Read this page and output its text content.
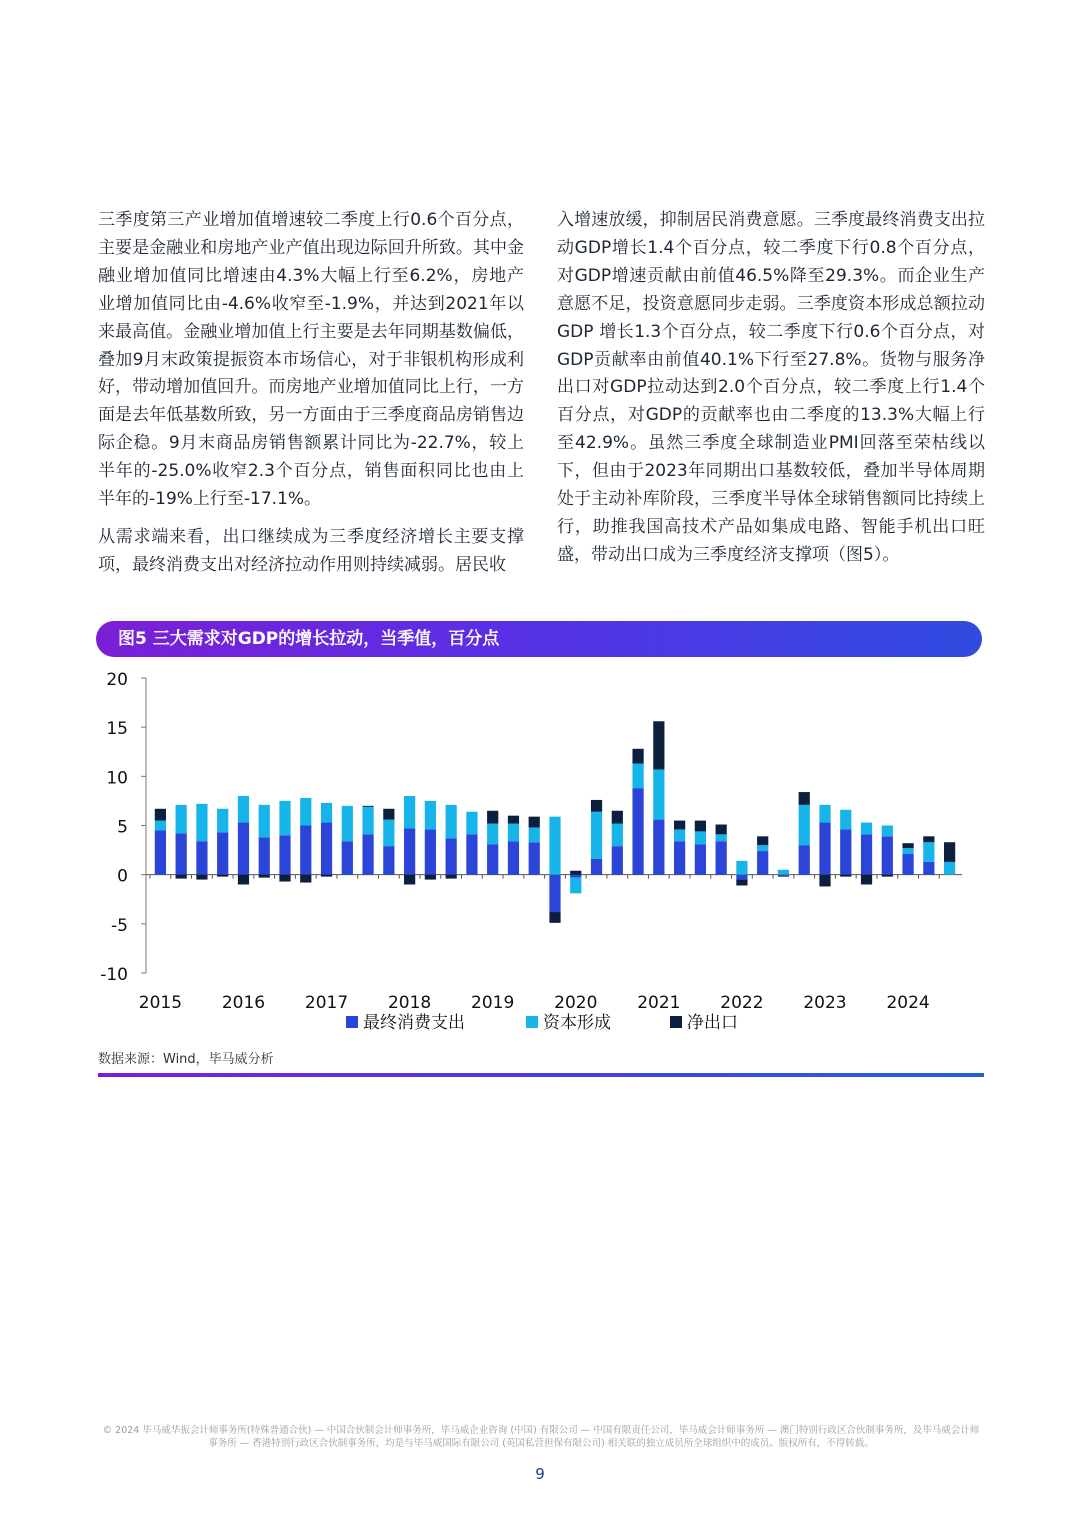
三季度第三产业增加值增速较二季度上行0.6个百分点，主要是金融业和房地产业产值出现边际回升所致。其中金融业增加值同比增速由4.3%大幅上行至6.2%，房地产业增加值同比由-4.6%收窄至-1.9%，并达到2021年以来最高值。金融业增加值上行主要是去年同期基数偏低，叠加9月末政策提振资本市场信心，对于非银机构形成利好，带动增加值回升。而房地产业增加值同比上行，一方面是去年低基数所致，另一方面由于三季度商品房销售边际企稳。9月末商品房销售额累计同比为-22.7%，较上半年的-25.0%收窄2.3个百分点，销售面积同比也由上半年的-19%上行至-17.1%。

从需求端来看，出口继续成为三季度经济增长主要支撑项，最终消费支出对经济拉动作用则持续减弱。居民收

入增速放缓，抑制居民消费意愿。三季度最终消费支出拉动GDP增长1.4个百分点，较二季度下行0.8个百分点，对GDP增速贡献由前值46.5%降至29.3%。而企业生产意愿不足，投资意愿同步走弱。三季度资本形成总额拉动GDP 增长1.3个百分点，较二季度下行0.6个百分点，对GDP贡献率由前值40.1%下行至27.8%。货物与服务净出口对GDP拉动达到2.0个百分点，较二季度上行1.4个百分点，对GDP的贡献率也由二季度的13.3%大幅上行至42.9%。虽然三季度全球制造业PMI回落至荣枯线以下，但由于2023年同期出口基数较低，叠加半导体周期处于主动补库阶段，三季度半导体全球销售额同比持续上行，助推我国高技术产品如集成电路、智能手机出口旺盛，带动出口成为三季度经济支撑项（图5）。

图5 三大需求对GDP的增长拉动，当季值，百分点
20
15
10
5
0
-5
-10
2015 2016 2017 2018 2019 2020 2021 2022 2023 2024
最终消费支出	资本形成	净出口
数据来源：Wind，毕马威分析
© 2024 毕马威华振会计师事务所(特殊普通合伙) — 中国合伙制会计师事务所，毕马威企业咨询 (中国) 有限公司 — 中国有限责任公司，毕马威会计师事务所 — 澳门特别行政区合伙制事务所，及毕马威会计师事务所 — 香港特别行政区合伙制事务所，均是与毕马威国际有限公司 (英国私营担保有限公司) 相关联的独立成员所全球组织中的成员。版权所有，不得转载。
9
